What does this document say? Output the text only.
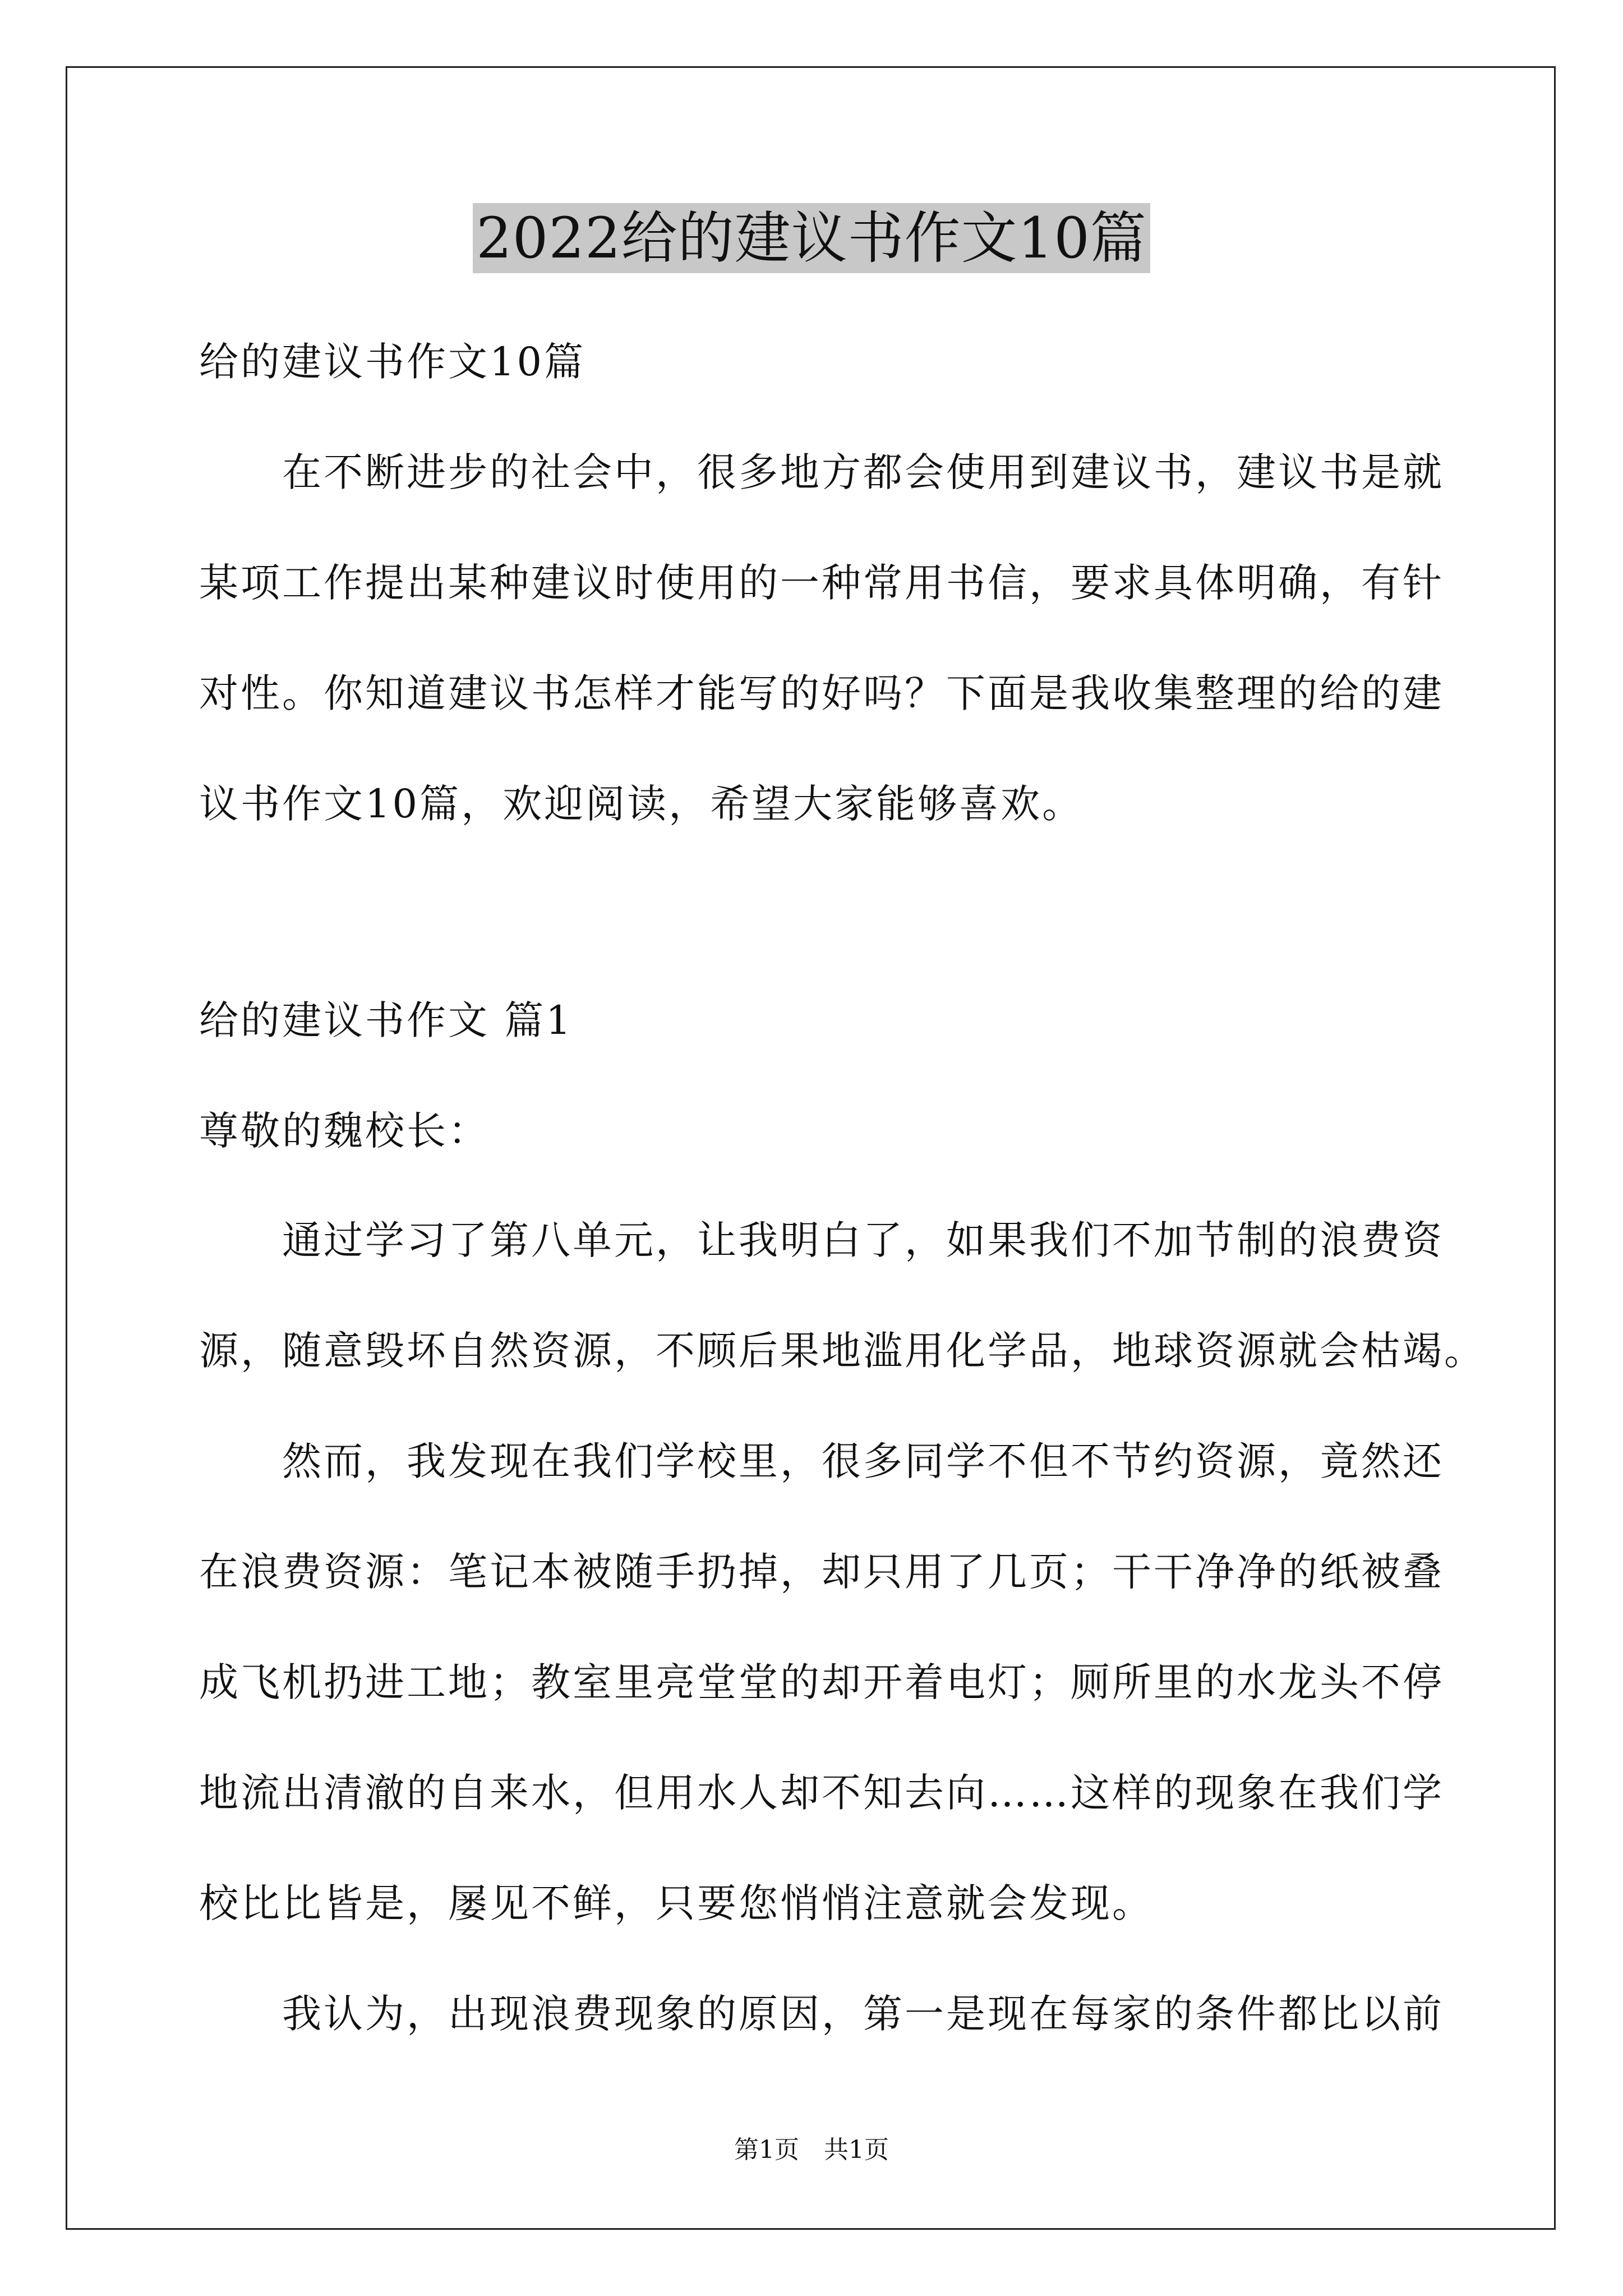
2022给的建议书作文10篇
给的建议书作文10篇
在不断进步的社会中，很多地方都会使用到建议书，建议书是就
某项工作提出某种建议时使用的一种常用书信，要求具体明确，有针
对性。你知道建议书怎样才能写的好吗？下面是我收集整理的给的建
议书作文10篇，欢迎阅读，希望大家能够喜欢。
给的建议书作文 篇1
尊敬的魏校长：
通过学习了第八单元，让我明白了，如果我们不加节制的浪费资
源，随意毁坏自然资源，不顾后果地滥用化学品，地球资源就会枯竭。
然而，我发现在我们学校里，很多同学不但不节约资源，竟然还
在浪费资源：笔记本被随手扔掉，却只用了几页；干干净净的纸被叠
成飞机扔进工地；教室里亮堂堂的却开着电灯；厕所里的水龙头不停
地流出清澈的自来水，但用水人却不知去向……这样的现象在我们学
校比比皆是，屡见不鲜，只要您悄悄注意就会发现。
我认为，出现浪费现象的原因，第一是现在每家的条件都比以前
第1页　共1页
